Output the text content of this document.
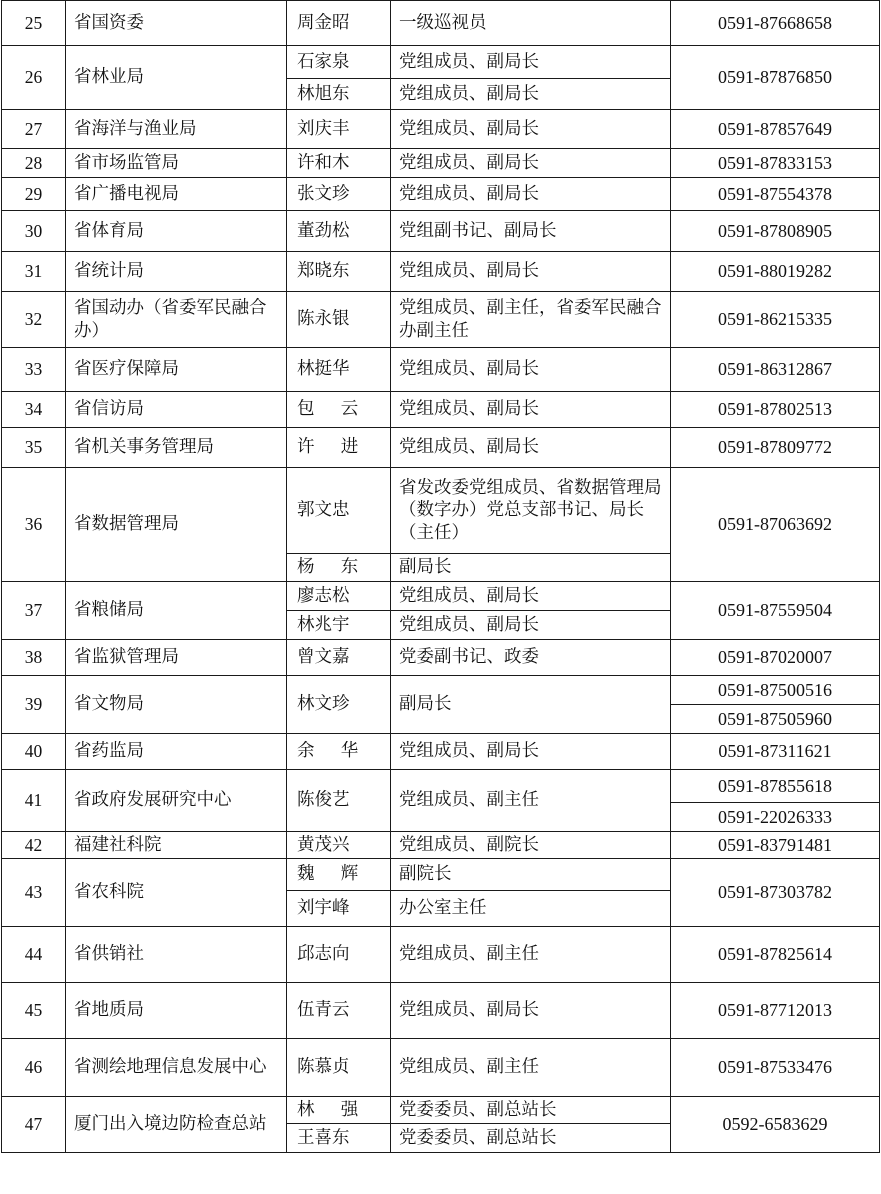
25	省国资委	周金昭	一级巡视员	0591-87668658
26	省林业局	石家泉	党组成员、副局长	0591-87876850
		林旭东	党组成员、副局长	
27	省海洋与渔业局	刘庆丰	党组成员、副局长	0591-87857649
28	省市场监管局	许和木	党组成员、副局长	0591-87833153
29	省广播电视局	张文珍	党组成员、副局长	0591-87554378
30	省体育局	董劲松	党组副书记、副局长	0591-87808905
31	省统计局	郑晓东	党组成员、副局长	0591-88019282
32	省国动办（省委军民融合办）	陈永银	党组成员、副主任，省委军民融合办副主任	0591-86215335
33	省医疗保障局	林挺华	党组成员、副局长	0591-86312867
34	省信访局	包  云	党组成员、副局长	0591-87802513
35	省机关事务管理局	许  进	党组成员、副局长	0591-87809772
36	省数据管理局	郭文忠	省发改委党组成员、省数据管理局（数字办）党总支部书记、局长（主任）	0591-87063692
		杨  东	副局长	
37	省粮储局	廖志松	党组成员、副局长	0591-87559504
		林兆宇	党组成员、副局长	
38	省监狱管理局	曾文嘉	党委副书记、政委	0591-87020007
39	省文物局	林文珍	副局长	0591-87500516
				0591-87505960
40	省药监局	余  华	党组成员、副局长	0591-87311621
41	省政府发展研究中心	陈俊艺	党组成员、副主任	0591-87855618
				0591-22026333
42	福建社科院	黄茂兴	党组成员、副院长	0591-83791481
43	省农科院	魏  辉	副院长	0591-87303782
		刘宇峰	办公室主任	
44	省供销社	邱志向	党组成员、副主任	0591-87825614
45	省地质局	伍青云	党组成员、副局长	0591-87712013
46	省测绘地理信息发展中心	陈慕贞	党组成员、副主任	0591-87533476
47	厦门出入境边防检查总站	林  强	党委委员、副总站长	0592-6583629
		王喜东	党委委员、副总站长	
